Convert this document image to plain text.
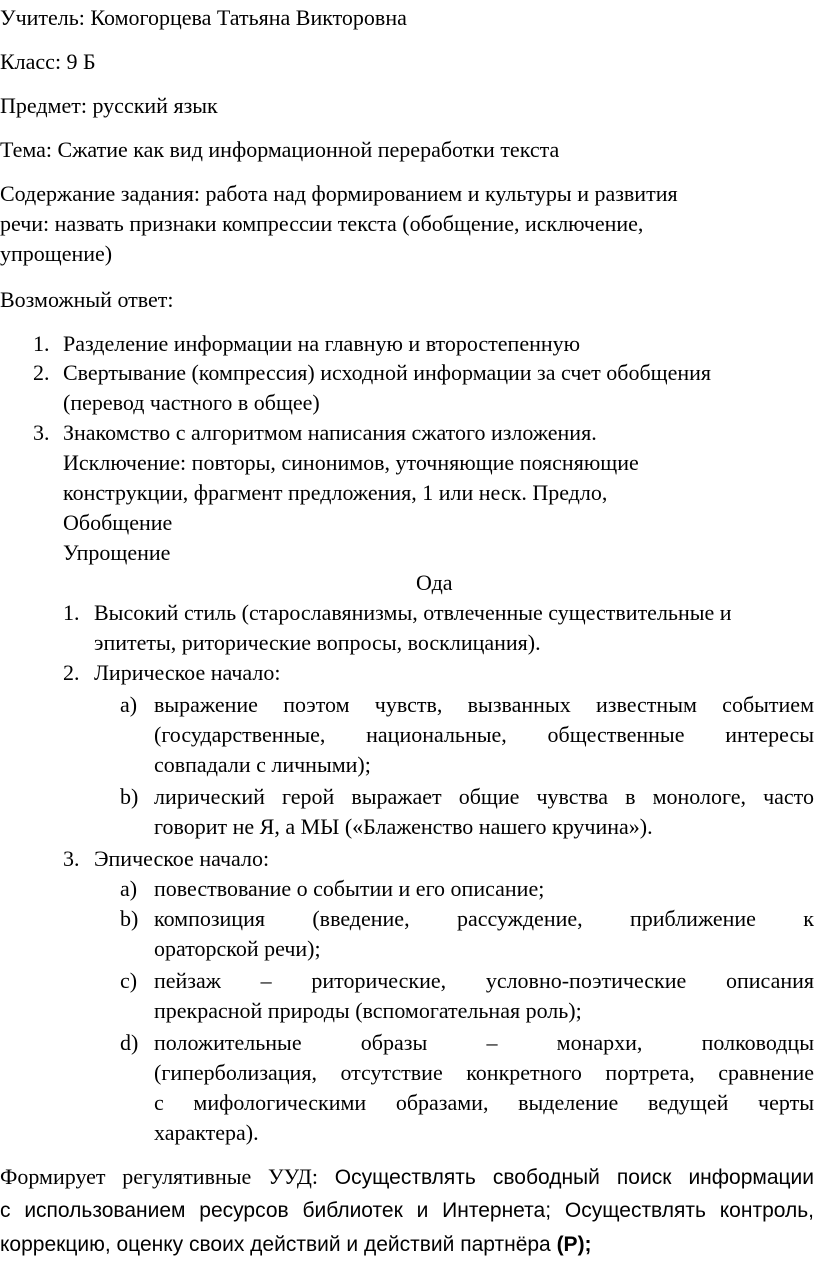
Учитель: Комогорцева Татьяна Викторовна
Класс: 9 Б
Предмет: русский язык
Тема: Сжатие как вид информационной переработки текста
Содержание задания: работа над формированием и культуры и развития
речи: назвать признаки компрессии текста (обобщение, исключение,
упрощение)
Возможный ответ:
1. Разделение информации на главную и второстепенную
2. Свертывание (компрессия) исходной информации за счет обобщения
(перевод частного в общее)
3. Знакомство с алгоритмом написания сжатого изложения.
Исключение: повторы, синонимов, уточняющие поясняющие
конструкции, фрагмент предложения, 1 или неск. Предло,
Обобщение
Упрощение
Ода
1. Высокий стиль (старославянизмы, отвлеченные существительные и
эпитеты, риторические вопросы, восклицания).
2. Лирическое начало:
a) выражение поэтом чувств, вызванных известным событием
(государственные, национальные, общественные интересы
совпадали с личными);
b) лирический герой выражает общие чувства в монологе, часто
говорит не Я, а МЫ («Блаженство нашего кручина»).
3. Эпическое начало:
a) повествование о событии и его описание;
b) композиция (введение, рассуждение, приближение к
ораторской речи);
c) пейзаж – риторические, условно-поэтические описания
прекрасной природы (вспомогательная роль);
d) положительные образы – монархи, полководцы
(гиперболизация, отсутствие конкретного портрета, сравнение
с мифологическими образами, выделение ведущей черты
характера).
Формирует регулятивные УУД: Осуществлять свободный поиск информации
с использованием ресурсов библиотек и Интернета; Осуществлять контроль,
коррекцию, оценку своих действий и действий партнёра (Р);
